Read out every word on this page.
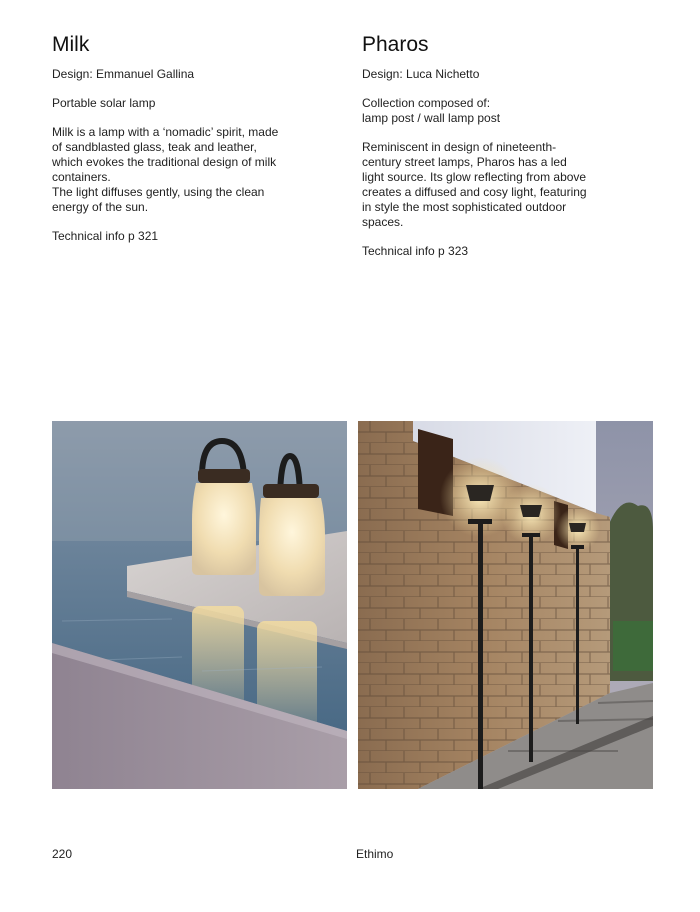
Milk

Design: Emmanuel Gallina

Portable solar lamp

Milk is a lamp with a ‘nomadic’ spirit, made
of sandblasted glass, teak and leather,
which evokes the traditional design of milk
containers.
The light diffuses gently, using the clean
energy of the sun.

Technical info p 321

Pharos

Design: Luca Nichetto

Collection composed of:
lamp post / wall lamp post

Reminiscent in design of nineteenth-
century street lamps, Pharos has a led
light source. Its glow reflecting from above
creates a diffused and cosy light, featuring
in style the most sophisticated outdoor
spaces.

Technical info p 323

220	Ethimo
